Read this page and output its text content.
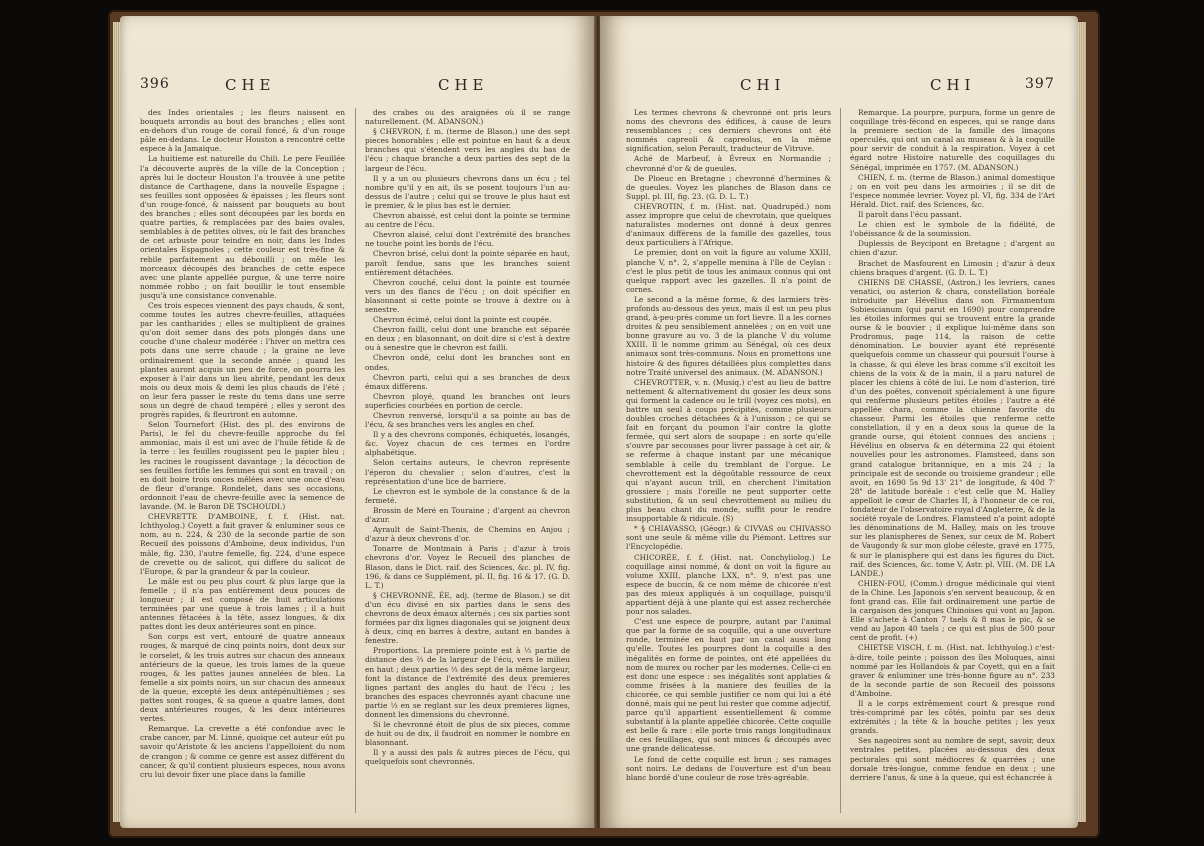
396	CHE	CHE

des Indes orientales ; les fleurs naissent en bouquets arrondis au bout des branches ; elles sont en-dehors d'un rouge de corail foncé, & d'un rouge pâle en-dedans. Le docteur Houston a rencontré cette espece à la Jamaique.

La huitieme est naturelle du Chili. Le pere Feuillée l'a découverte auprès de la ville de la Conception ; après lui le docteur Houston l'a trouvée à une petite distance de Carthagene, dans la nouvelle Espagne ; ses feuilles sont opposées & épaisses ; les fleurs sont d'un rouge-foncé, & naissent par bouquets au bout des branches ; elles sont découpées par les bords en quatre parties, & remplacées par des baies ovales, semblables à de petites olives, où le fait des branches de cet arbuste pour teindre en noir, dans les Indes orientales Espagnoles ; cette couleur est très-fine & rebile parfaitement au débouilli ; on mêle les morceaux découpés des branches de cette espece avec une plante appellée purgue, & une terre noire nommée robbo ; on fait bouillir le tout ensemble jusqu'à une consistance convenable.

Ces trois especes viennent des pays chauds, & sont, comme toutes les autres chevre-feuilles, attaquées par les cantharides ; elles se multiplient de graines qu'on doit semer dans des pots plongés dans une couche d'une chaleur modérée : l'hiver on mettra ces pots dans une serre chaude ; la graine ne leve ordinairement que la seconde année ; quand les plantes auront acquis un peu de force, on pourra les exposer à l'air dans un lieu abrité, pendant les deux mois ou deux mois & demi les plus chauds de l'été ; on leur fera passer le reste du tems dans une serre sous un degré de chaud tempéré ; elles y seront des progrès rapides, & fleuriront en automne.

Selon Tournefort (Hist. des pl. des environs de Paris), le fel du chevre-feuille approche du fel ammoniac, mais il est uni avec de l'huile fétide & de la terre : les feuilles rougissent peu le papier bleu ; les racines le rougissent davantage ; la décoction de ses feuilles fortifie les femmes qui sont en travail ; on en doit boire trois onces mêlées avec une once d'eau de fleur d'orange. Rondelet, dans ses occasions, ordonnoit l'eau de chevre-feuille avec la semence de lavande. (M. le Baron DE TSCHOUDI.)

CHEVRETTE D'AMBOINE, f. f. (Hist. nat. Ichthyolog.) Coyett a fait graver & enluminer sous ce nom, au n. 224, & 230 de la seconde partie de son Recueil des poissons d'Amboine, deux individus, l'un mâle, fig. 230, l'autre femelle, fig. 224, d'une espece de crevette ou de salicot, qui differe du salicot de l'Europe, & par la grandeur & par la couleur.

Le mâle est ou peu plus court & plus large que la femelle ; il n'a pas entièrement deux pouces de longueur ; il est composé de huit articulations terminées par une queue à trois lames ; il a huit antennes fétacées à la tête, assez longues, & dix pattes dont les deux antérieures sont en pince.

Son corps est vert, entouré de quatre anneaux rouges, & marqué de cinq points noirs, dont deux sur le corselet, & les trois autres sur chacun des anneaux antérieurs de la queue, les trois lames de la queue rouges, & les pattes jaunes annelées de bleu. La femelle a six points noirs, un sur chacun des anneaux de la queue, excepté les deux antépénultièmes ; ses pattes sont rouges, & sa queue a quatre lames, dont deux antérieures rouges, & les deux intérieures vertes.

Remarque. La crevette a été confondue avec le crabe cancer, par M. Linné, quoique cet auteur eût pu savoir qu'Aristote & les anciens l'appelloient du nom de crangon ; & comme ce genre est assez différent du cancer, & qu'il contient plusieurs especes, nous avons cru lui devoir fixer une place dans la famille

des crabes ou des araignées où il se range naturellement. (M. ADANSON.)

§ CHEVRON, f. m. (terme de Blason.) une des sept pieces honorables ; elle est pointue en haut & a deux branches qui s'étendent vers les angles du bas de l'écu ; chaque branche a deux parties des sept de la largeur de l'écu.

Il y a un ou plusieurs chevrons dans un écu ; tel nombre qu'il y en ait, ils se posent toujours l'un au-dessus de l'autre ; celui qui se trouve le plus haut est le premier, & le plus bas est le dernier.

Chevron abaissé, est celui dont la pointe se termine au centre de l'écu.

Chevron alaisé, celui dont l'extrémité des branches ne touche point les bords de l'écu.

Chevron brisé, celui dont la pointe séparée en haut, paroît fendue, sans que les branches soient entièrement détachées.

Chevron couché, celui dont la pointe est tournée vers un des flancs de l'écu ; on doit spécifier en blasonnant si cette pointe se trouve à dextre ou à senestre.

Chevron écimé, celui dont la pointe est coupée.

Chevron failli, celui dont une branche est séparée en deux ; en blasonnant, on doit dire si c'est à dextre ou à senestre que le chevron est failli.

Chevron ondé, celui dont les branches sont en ondes.

Chevron parti, celui qui a ses branches de deux émaux différens.

Chevron ployé, quand les branches ont leurs superficies courbées en portion de cercle.

Chevron renversé, lorsqu'il a sa pointe au bas de l'écu, & ses branches vers les angles en chef.

Il y a des chevrons componés, échiquetés, losangés, &c. Voyez chacun de ces termes en l'ordre alphabétique.

Selon certains auteurs, le chevron représente l'éperon du chevalier ; selon d'autres, c'est la représentation d'une lice de barriere.

Le chevron est le symbole de la constance & de la fermeté.

Brossin de Meré en Touraine ; d'argent au chevron d'azur.

Ayrault de Saint-Thenis, de Chemins en Anjou ; d'azur à deux chevrons d'or.

Tonarre de Montmain à Paris ; d'azur à trois chevrons d'or. Voyez le Recueil des planches de Blason, dans le Dict. raif. des Sciences, &c. pl. IV, fig. 196, & dans ce Supplément, pl. II, fig. 16 & 17. (G. D. L. T.)

§ CHEVRONNÉ, ÉE, adj. (terme de Blason.) se dit d'un écu divisé en six parties dans le sens des chevrons de deux émaux alternés ; ces six parties sont formées par dix lignes diagonales qui se joignent deux à deux, cinq en barres à dextre, autant en bandes à fenestre.

Proportions. La premiere pointe est à ⅓ partie de distance des ⅔ de la largeur de l'écu, vers le milieu en haut ; deux parties ⅓ des sept de la même largeur, font la distance de l'extrémité des deux premieres lignes partant des angles du haut de l'écu ; les branches des espaces chevronnés ayant chacune une partie ⅓ en se reglant sur les deux premieres lignes, donnent les dimensions du chevronné.

Si le chevronné étoit de plus de six pieces, comme de huit ou de dix, il faudroit en nommer le nombre en blasonnant.

Il y a aussi des pals & autres pieces de l'écu, qui quelquefois sont chevronnés.

CHI	CHI	397

Les termes chevrons & chevronné ont pris leurs noms des chevrons des édifices, à cause de leurs ressemblances ; ces derniers chevrons ont été nommés capreoli & capreolus, en la même signification, selon Perault, traducteur de Vitruve.

Aché de Marbeuf, à Évreux en Normandie ; chevronné d'or & de gueules.

De Ploeuc en Bretagne ; chevronné d'hermines & de gueules. Voyez les planches de Blason dans ce Suppl. pl. III, fig. 23. (G. D. L. T.)

CHEVROTIN, f. m. (Hist. nat. Quadrupéd.) nom assez impropre que celui de chevrotain, que quelques naturalistes modernes ont donné à deux genres d'animaux différens de la famille des gazelles, tous deux particuliers à l'Afrique.

Le premier, dont on voit la figure au volume XXIII, planche V, n°. 2, s'appelle memina à l'île de Ceylan : c'est le plus petit de tous les animaux connus qui ont quelque rapport avec les gazelles. Il n'a point de cornes.

Le second a la même forme, & des larmiers très-profonds au-dessous des yeux, mais il est un peu plus grand, à-peu-près comme un fort lievre. Il a les cornes droites & peu sensiblement annelées ; on en voit une bonne gravure au vo. 3 de la planche V du volume XXIII. Il le nomme grimm au Sénégal, où ces deux animaux sont très-communs. Nous en promettons une histoire & des figures détaillées plus complettes dans notre Traité universel des animaux. (M. ADANSON.)

CHEVROTTER, v. n. (Musiq.) c'est au lieu de battre nettement & alternativement du gosier les deux sons qui forment la cadence ou le trill (voyez ces mots), en battre un seul à coups précipités, comme plusieurs doubles croches détachées & à l'unisson ; ce qui se fait en forçant du poumon l'air contre la glotte fermée, qui sert alors de soupape : en sorte qu'elle s'ouvre par secousses pour livrer passage à cet air, & se referme à chaque instant par une mécanique semblable à celle du tremblant de l'orgue. Le chevrottement est la dégoûtable ressource de ceux qui n'ayant aucun trill, en cherchent l'imitation grossiere ; mais l'oreille ne peut supporter cette substitution, & un seul chevrottement au milieu du plus beau chant du monde, suffit pour le rendre insupportable & ridicule. (S)

* § CHIAVASSO, (Géogr.) & CIVVAS ou CHIVASSO sont une seule & même ville du Piémont. Lettres sur l'Encyclopédie.

CHICORÉE, f. f. (Hist. nat. Conchyliolog.) Le coquillage ainsi nommé, & dont on voit la figure au volume XXIII, planche LXX, n°. 9, n'est pas une espece de buccin, & ce nom même de chicorée n'est pas des mieux appliqués à un coquillage, puisqu'il appartient déjà à une plante qui est assez recherchée pour nos salades.

C'est une espece de pourpre, autant par l'animal que par la forme de sa coquille, qui a une ouverture ronde, terminée en haut par un canal aussi long qu'elle. Toutes les pourpres dont la coquille a des inégalités en forme de pointes, ont été appellées du nom de murex ou rocher par les modernes. Celle-ci en est donc une espece : ses inégalités sont applaties & comme frisées à la maniere des feuilles de la chicorée, ce qui semble justifier ce nom qui lui a été donné, mais qui ne peut lui rester que comme adjectif, parce qu'il appartient essentiellement & comme substantif à la plante appellée chicorée. Cette coquille est belle & rare : elle porte trois rangs longitudinaux de ces feuillages, qui sont minces & découpés avec une grande délicatesse.

Le fond de cette coquille est brun ; ses ramages sont noirs. Le dedans de l'ouverture est d'un beau blanc bordé d'une couleur de rose très-agréable.

Remarque. La pourpre, purpura, forme un genre de coquillage très-fécond en especes, qui se range dans la premiere section de la famille des limaçons operculés, qui ont un canal au museau & à la coquille pour servir de conduit à la respiration. Voyez à cet égard notre Histoire naturelle des coquillages du Sénégal, imprimée en 1757. (M. ADANSON.)

CHIEN, f. m. (terme de Blason.) animal domestique ; on en voit peu dans les armoiries ; il se dit de l'espece nommée levrier. Voyez pl. VI, fig. 334 de l'Art Hérald. Dict. raif. des Sciences, &c.

Il paroît dans l'écu passant.

Le chien est le symbole de la fidélité, de l'obéissance & de la soumission.

Duplessis de Beycipont en Bretagne ; d'argent au chien d'azur.

Brachet de Masfourent en Limosin ; d'azur à deux chiens braques d'argent. (G. D. L. T.)

CHIENS DE CHASSE, (Astron.) les levriers, canes venatici, ou asterion & chara, constellation boréale introduite par Hévélius dans son Firmamentum Sobiescianum (qui parut en 1690) pour comprendre les étoiles informes qui se trouvent entre la grande ourse & le bouvier ; il explique lui-même dans son Prodromus, page 114, la raison de cette dénomination. Le bouvier ayant été représenté quelquefois comme un chasseur qui poursuit l'ourse à la chasse, & qui éleve les bras comme s'il excitoit les chiens de la voix & de la main, il a paru naturel de placer les chiens à côté de lui. Le nom d'asterion, tiré d'un des poëtes, convenoit spécialement à une figure qui renferme plusieurs petites étoiles ; l'autre a été appellée chara, comme la chienne favorite du chasseur. Parmi les étoiles que renferme cette constellation, il y en a deux sous la queue de la grande ourse, qui étoient connues des anciens ; Hévélius en observa & en détermina 22 qui étoient nouvelles pour les astronomes. Flamsteed, dans son grand catalogue britannique, en a mis 24 ; la principale est de seconde ou troisieme grandeur ; elle avoit, en 1690 5s 9d 13' 21" de longitude, & 40d 7' 28" de latitude boréale : c'est celle que M. Halley appelloit le cœur de Charles II, à l'honneur de ce roi, fondateur de l'observatoire royal d'Angleterre, & de la société royale de Londres. Flamsteed n'a point adopté les dénominations de M. Halley, mais on les trouve sur les planispheres de Senex, sur ceux de M. Robert de Vaugondy & sur mon globe céleste, gravé en 1775, & sur le planisphere qui est dans les figures du Dict. raif. des Sciences, &c. tome V, Astr. pl. VIII. (M. DE LA LANDE.)

CHIEN-FOU, (Comm.) drogue médicinale qui vient de la Chine. Les Japonois s'en servent beaucoup, & en font grand cas. Elle fait ordinairement une partie de la cargaison des jonques Chinoises qui vont au Japon. Elle s'achete à Canton 7 taels & 8 mas le pic, & se vend au Japon 40 taels ; ce qui est plus de 500 pour cent de profit. (+)

CHIETSE VISCH, f. m. (Hist. nat. Ichthyolog.) c'est-à-dire, toile peinte ; poisson des îles Moluques, ainsi nommé par les Hollandois & par Coyett, qui en a fait graver & enluminer une très-bonne figure au n°. 233 de la seconde partie de son Recueil des poissons d'Amboine.

Il a le corps extrêmement court & presque rond très-comprimé par les côtés, pointu par ses deux extrémités ; la tête & la bouche petites ; les yeux grands.

Ses nageoires sont au nombre de sept, savoir, deux ventrales petites, placées au-dessous des deux pectorales qui sont médiocres & quarrées ; une dorsale très-longue, comme fendue en deux ; une derriere l'anus, & une à la queue, qui est échancrée à
